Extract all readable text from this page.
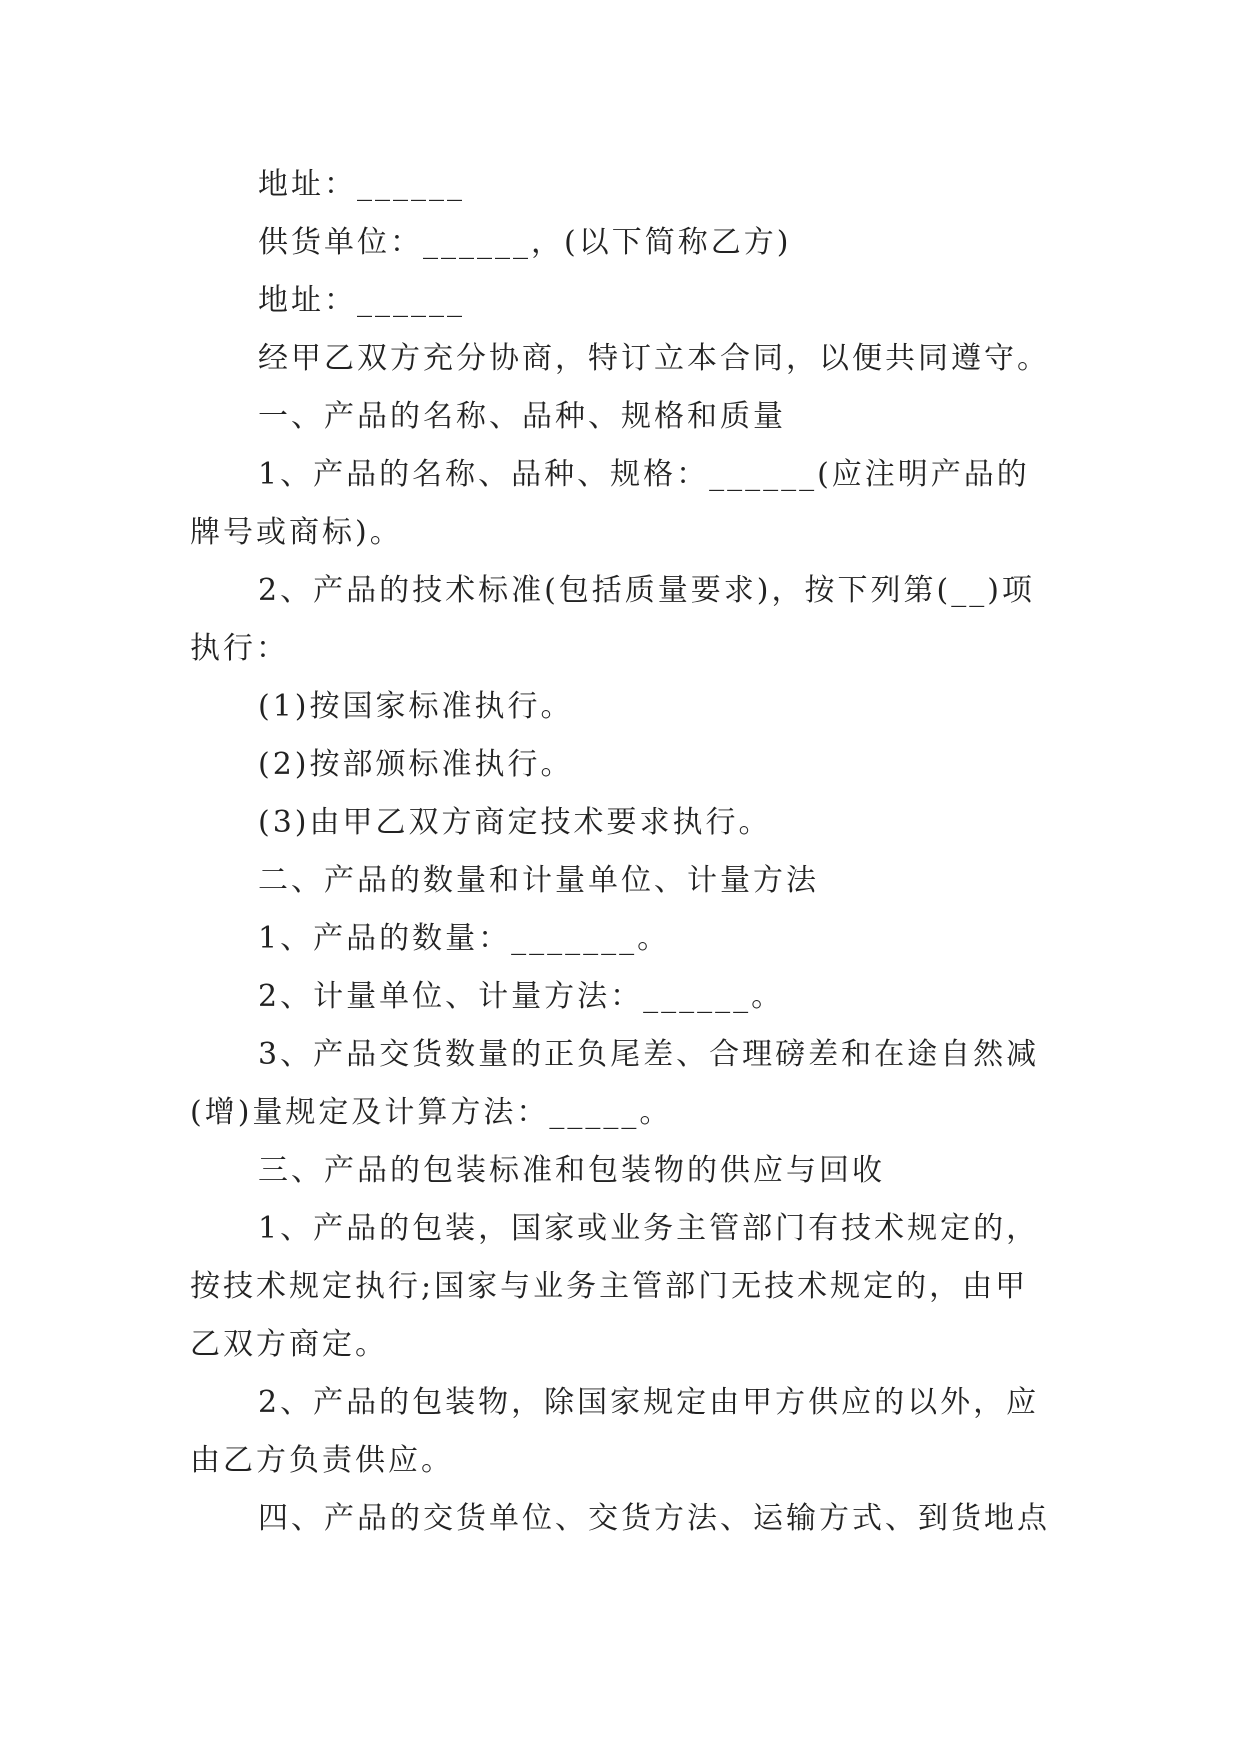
地址：______

供货单位：______，(以下简称乙方)

地址：______

经甲乙双方充分协商，特订立本合同，以便共同遵守。

一、产品的名称、品种、规格和质量

1、产品的名称、品种、规格：______(应注明产品的牌号或商标)。

2、产品的技术标准(包括质量要求)，按下列第(__)项执行：

(1)按国家标准执行。

(2)按部颁标准执行。

(3)由甲乙双方商定技术要求执行。

二、产品的数量和计量单位、计量方法

1、产品的数量：_______。

2、计量单位、计量方法：______。

3、产品交货数量的正负尾差、合理磅差和在途自然减(增)量规定及计算方法：_____。

三、产品的包装标准和包装物的供应与回收

1、产品的包装，国家或业务主管部门有技术规定的，按技术规定执行;国家与业务主管部门无技术规定的，由甲乙双方商定。

2、产品的包装物，除国家规定由甲方供应的以外，应由乙方负责供应。

四、产品的交货单位、交货方法、运输方式、到货地点
